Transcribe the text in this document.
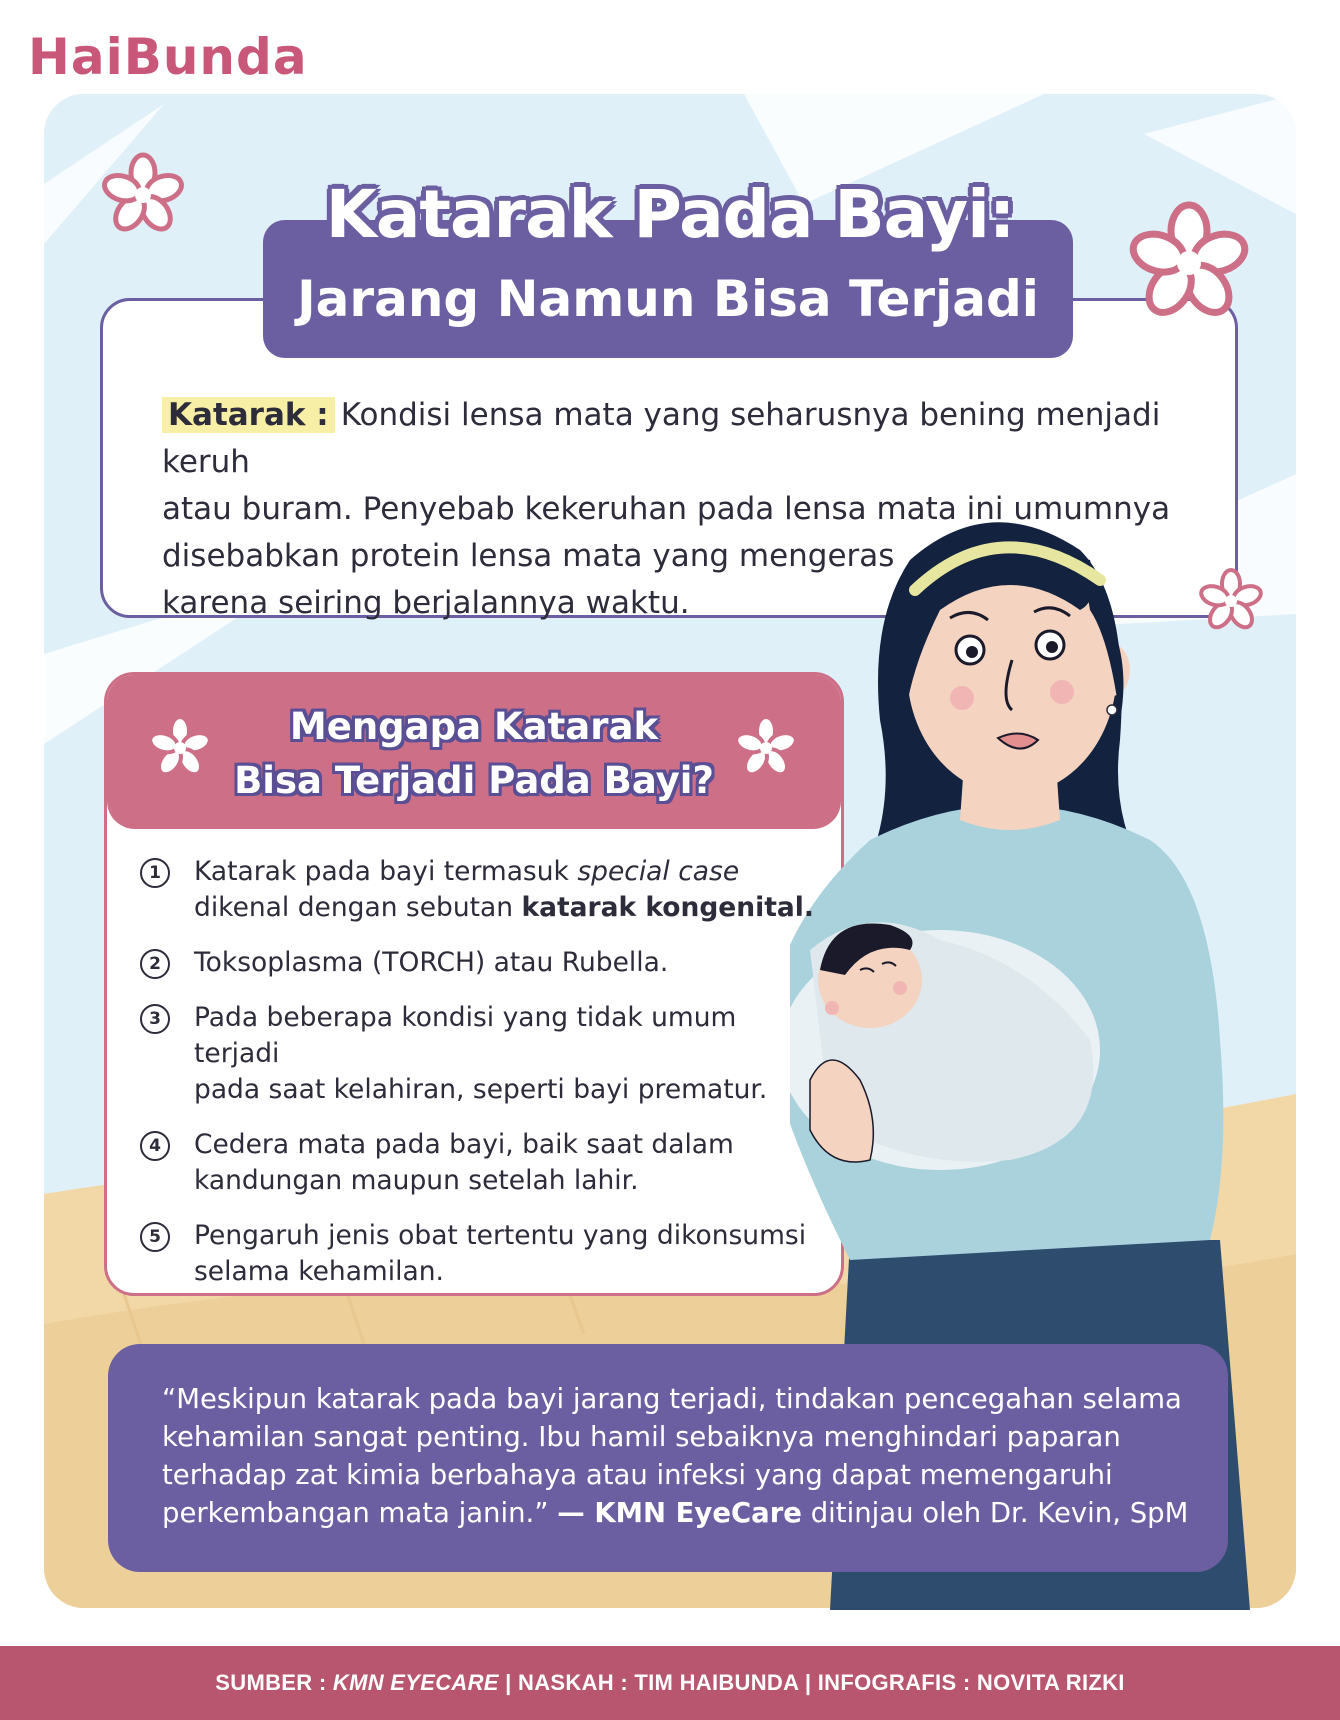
HaiBunda
Katarak Pada Bayi:
Jarang Namun Bisa Terjadi
Katarak : Kondisi lensa mata yang seharusnya bening menjadi keruh
atau buram. Penyebab kekeruhan pada lensa mata ini umumnya
disebabkan protein lensa mata yang mengeras
karena seiring berjalannya waktu.
Mengapa Katarak
Bisa Terjadi Pada Bayi?
1	Katarak pada bayi termasuk special case
dikenal dengan sebutan katarak kongenital.
2	Toksoplasma (TORCH) atau Rubella.
3	Pada beberapa kondisi yang tidak umum terjadi
pada saat kelahiran, seperti bayi prematur.
4	Cedera mata pada bayi, baik saat dalam
kandungan maupun setelah lahir.
5	Pengaruh jenis obat tertentu yang dikonsumsi
selama kehamilan.
“Meskipun katarak pada bayi jarang terjadi, tindakan pencegahan selama
kehamilan sangat penting. Ibu hamil sebaiknya menghindari paparan
terhadap zat kimia berbahaya atau infeksi yang dapat memengaruhi
perkembangan mata janin.” — KMN EyeCare ditinjau oleh Dr. Kevin, SpM
SUMBER : KMN EYECARE | NASKAH : TIM HAIBUNDA | INFOGRAFIS : NOVITA RIZKI
